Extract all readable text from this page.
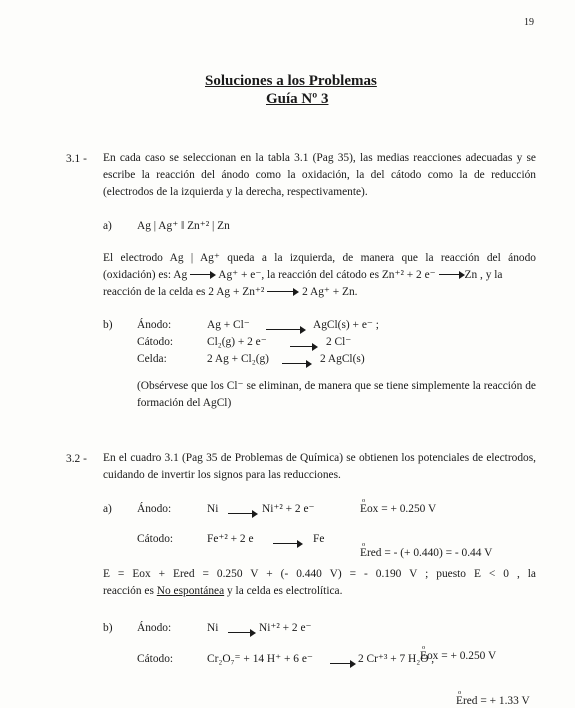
19
Soluciones a los Problemas
Guía Nº 3
3.1 - En cada caso se seleccionan en la tabla 3.1 (Pag 35), las medias reacciones adecuadas y se escribe la reacción del ánodo como la oxidación, la del cátodo como la de reducción (electrodos de la izquierda y la derecha, respectivamente).
a) Ag | Ag⁺ ‖ Zn⁺² | Zn
El electrodo Ag | Ag⁺ queda a la izquierda, de manera que la reacción del ánodo
(oxidación) es: Ag	Ag⁺ + e⁻, la reacción del cátodo es Zn⁺² + 2 e⁻	Zn , y la
reacción de la celda es 2 Ag + Zn⁺²	2 Ag⁺ + Zn.
b) Ánodo:	Ag + Cl⁻	AgCl(s) + e⁻ ;
Cátodo:	Cl₂(g) + 2 e⁻	2 Cl⁻
Celda:	2 Ag + Cl₂(g)	2 AgCl(s)
(Obsérvese que los Cl⁻ se eliminan, de manera que se tiene simplemente la reacción de formación del AgCl)
3.2 - En el cuadro 3.1 (Pag 35 de Problemas de Química) se obtienen los potenciales de electrodos, cuidando de invertir los signos para las reducciones.
a) Ánodo:	Ni	Ni⁺² + 2 e⁻
o	Eox = + 0.250 V
Cátodo:	Fe⁺² + 2 e	Fe
o Ered = - (+ 0.440) = - 0.44 V
E = Eox + Ered = 0.250 V + (- 0.440 V) = - 0.190 V ; puesto E < 0 , la
reacción es No espontánea y la celda es electrolítica.
b) Ánodo:	Ni	Ni⁺² + 2 e⁻
o Eox = + 0.250 V
Cátodo:	Cr₂O₇⁼ + 14 H⁺ + 6 e⁻	2 Cr⁺³ + 7 H₂O ,
o Ered = + 1.33 V
